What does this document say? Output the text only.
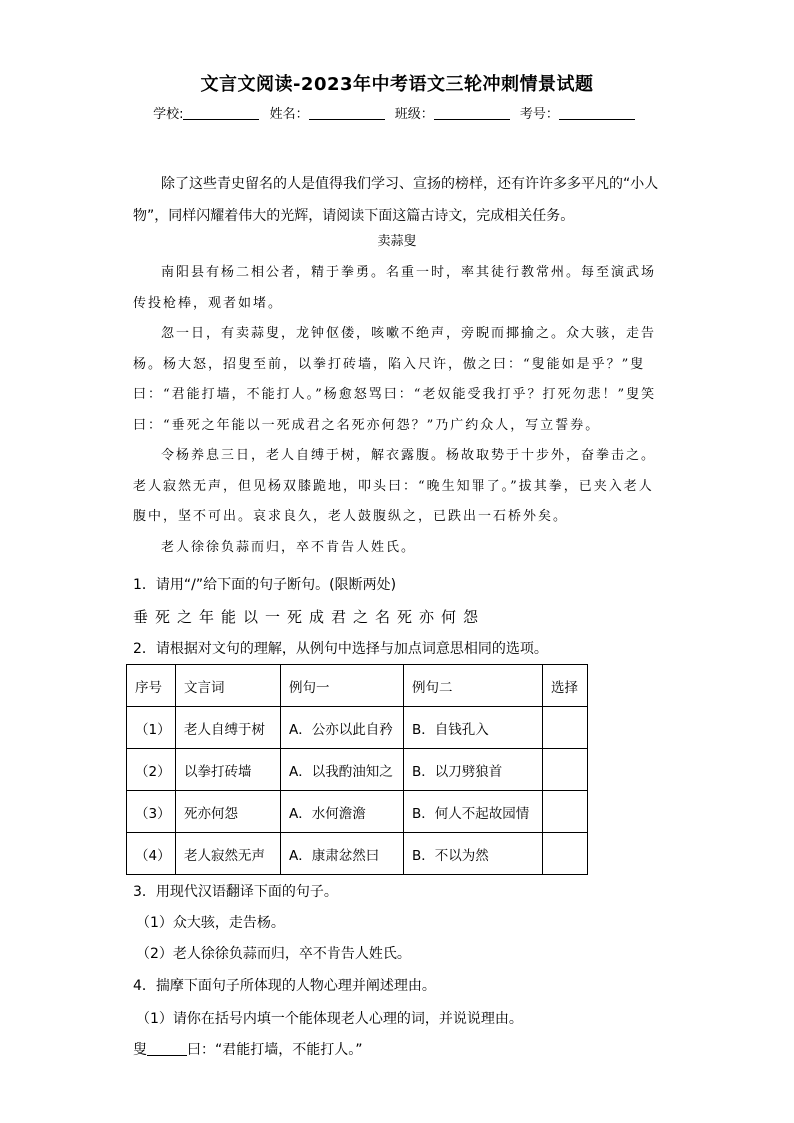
文言文阅读-2023年中考语文三轮冲刺情景试题
学校:	姓名：	班级：	考号：
除了这些青史留名的人是值得我们学习、宣扬的榜样，还有许许多多平凡的“小人物”，同样闪耀着伟大的光辉，请阅读下面这篇古诗文，完成相关任务。
卖蒜叟

南阳县有杨二相公者，精于拳勇。名重一时，率其徒行教常州。每至演武场传投枪棒，观者如堵。

忽一日，有卖蒜叟，龙钟伛偻，咳嗽不绝声，旁睨而揶揄之。众大骇，走告杨。杨大怒，招叟至前，以拳打砖墙，陷入尺许，傲之曰：“叟能如是乎？”叟曰：“君能打墙，不能打人。”杨愈怒骂曰：“老奴能受我打乎？打死勿悲！”叟笑曰：“垂死之年能以一死成君之名死亦何怨？”乃广约众人，写立誓券。

令杨养息三日，老人自缚于树，解衣露腹。杨故取势于十步外，奋拳击之。老人寂然无声，但见杨双膝跪地，叩头曰：“晚生知罪了。”拔其拳，已夹入老人腹中，坚不可出。哀求良久，老人鼓腹纵之，已跌出一石桥外矣。

老人徐徐负蒜而归，卒不肯告人姓氏。

1．请用“/”给下面的句子断句。(限断两处)
垂死之年能以一死成君之名死亦何怨
2．请根据对文句的理解，从例句中选择与加点词意思相同的选项。
序号	文言词	例句一	例句二	选择
（1）	老人自缚于树	A．公亦以此自矜	B．自钱孔入	
（2）	以拳打砖墙	A．以我酌油知之	B．以刀劈狼首	
（3）	死亦何怨	A．水何澹澹	B．何人不起故园情	
（4）	老人寂然无声	A．康肃忿然曰	B．不以为然	
3．用现代汉语翻译下面的句子。
（1）众大骇，走告杨。
（2）老人徐徐负蒜而归，卒不肯告人姓氏。
4．揣摩下面句子所体现的人物心理并阐述理由。
（1）请你在括号内填一个能体现老人心理的词，并说说理由。
叟	曰：“君能打墙，不能打人。”
